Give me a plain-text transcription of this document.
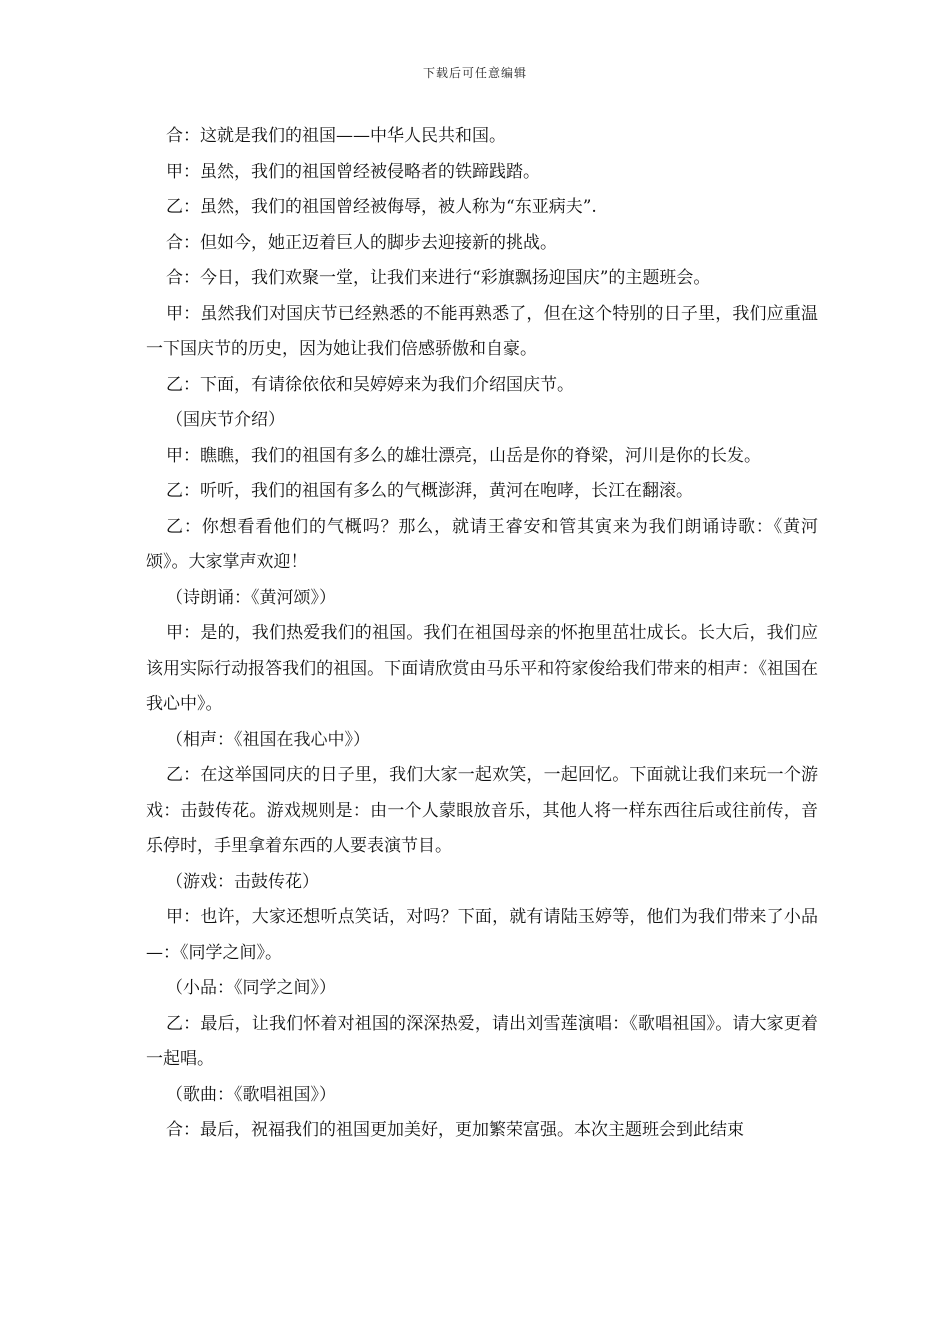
下载后可任意编辑

合：这就是我们的祖国——中华人民共和国。

甲：虽然，我们的祖国曾经被侵略者的铁蹄践踏。

乙：虽然，我们的祖国曾经被侮辱，被人称为“东亚病夫”.

合：但如今，她正迈着巨人的脚步去迎接新的挑战。

合：今日，我们欢聚一堂，让我们来进行“彩旗飘扬迎国庆”的主题班会。

甲：虽然我们对国庆节已经熟悉的不能再熟悉了，但在这个特别的日子里，我们应重温一下国庆节的历史，因为她让我们倍感骄傲和自豪。

乙：下面，有请徐依依和吴婷婷来为我们介绍国庆节。

（国庆节介绍）

甲：瞧瞧，我们的祖国有多么的雄壮漂亮，山岳是你的脊梁，河川是你的长发。

乙：听听，我们的祖国有多么的气概澎湃，黄河在咆哮，长江在翻滚。

乙：你想看看他们的气概吗？那么，就请王睿安和管其寅来为我们朗诵诗歌：《黄河颂》。大家掌声欢迎！

（诗朗诵：《黄河颂》）

甲：是的，我们热爱我们的祖国。我们在祖国母亲的怀抱里茁壮成长。长大后，我们应该用实际行动报答我们的祖国。下面请欣赏由马乐平和符家俊给我们带来的相声：《祖国在我心中》。

（相声：《祖国在我心中》）

乙：在这举国同庆的日子里，我们大家一起欢笑，一起回忆。下面就让我们来玩一个游戏：击鼓传花。游戏规则是：由一个人蒙眼放音乐，其他人将一样东西往后或往前传，音乐停时，手里拿着东西的人要表演节目。

（游戏：击鼓传花）

甲：也许，大家还想听点笑话，对吗？下面，就有请陆玉婷等，他们为我们带来了小品—：《同学之间》。

（小品：《同学之间》）

乙：最后，让我们怀着对祖国的深深热爱，请出刘雪莲演唱：《歌唱祖国》。请大家更着一起唱。

（歌曲：《歌唱祖国》）

合：最后，祝福我们的祖国更加美好，更加繁荣富强。本次主题班会到此结束
